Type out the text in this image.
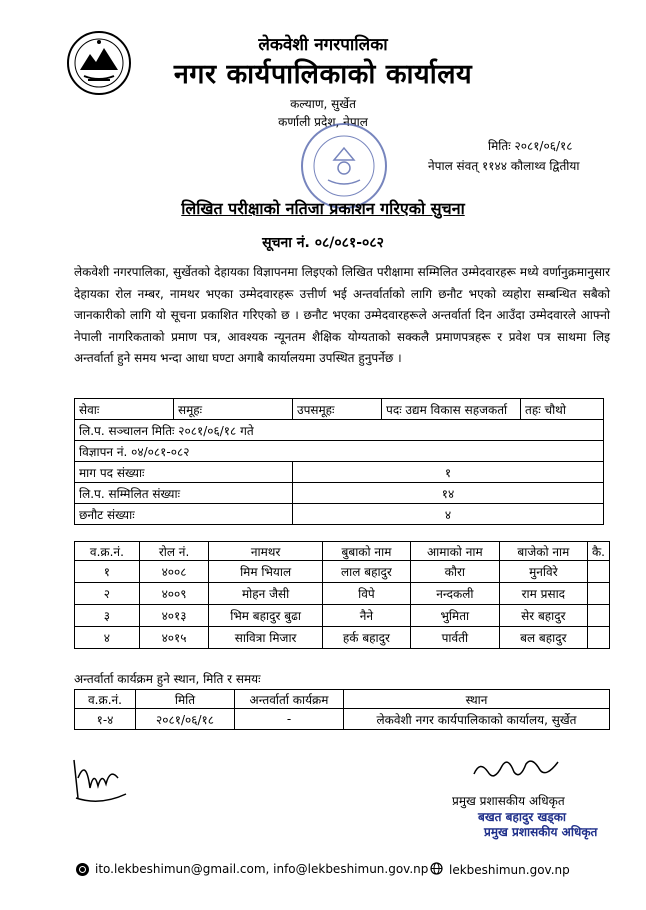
लेकवेशी नगरपालिका
नगर कार्यपालिकाको कार्यालय
कल्याण, सुर्खेत
कर्णाली प्रदेश, नेपाल
मितिः २०८१/०६/१८
नेपाल संवत् ११४४ कौलाथ्व द्वितीया
लिखित परीक्षाको नतिजा प्रकाशन गरिएको सुचना
सूचना नं. ०८/०८१-०८२
लेकवेशी नगरपालिका, सुर्खेतको देहायका विज्ञापनमा लिइएको लिखित परीक्षामा सम्मिलित उम्मेदवारहरू मध्ये वर्णानुक्रमानुसार देहायका रोल नम्बर, नामथर भएका उम्मेदवारहरू उत्तीर्ण भई अन्तर्वार्ताको लागि छनौट भएको व्यहोरा सम्बन्धित सबैको जानकारीको लागि यो सूचना प्रकाशित गरिएको छ । छनौट भएका उम्मेदवारहरूले अन्तर्वार्ता दिन आउँदा उम्मेदवारले आफ्नो नेपाली नागरिकताको प्रमाण पत्र, आवश्यक न्यूनतम शैक्षिक योग्यताको सक्कलै प्रमाणपत्रहरू र प्रवेश पत्र साथमा लिइ अन्तर्वार्ता हुने समय भन्दा आधा घण्टा अगाबै कार्यालयमा उपस्थित हुनुपर्नेछ ।
सेवाः	समूहः	उपसमूहः	पदः उद्यम विकास सहजकर्ता	तहः चौथो
लि.प. सञ्चालन मितिः २०८१/०६/१८ गते				
विज्ञापन नं. ०४/०८१-०८२				
माग पद संख्याः		१		
लि.प. सम्मिलित संख्याः		१४		
छनौट संख्याः		४		
व.क्र.नं.	रोल नं.	नामथर	बुबाको नाम	आमाको नाम	बाजेको नाम	कै.
१	४००८	मिम भियाल	लाल बहादुर	कौरा	मुनविरे	
२	४००९	मोहन जैसी	विपे	नन्दकली	राम प्रसाद	
३	४०१३	भिम बहादुर बुढा	नैने	भुमिता	सेर बहादुर	
४	४०१५	सावित्रा मिजार	हर्क बहादुर	पार्वती	बल बहादुर	
अन्तर्वार्ता कार्यक्रम हुने स्थान, मिति र समयः
व.क्र.नं.	मिति	अन्तर्वार्ता कार्यक्रम	स्थान
१-४	२०८१/०६/१८	-	लेकवेशी नगर कार्यपालिकाको कार्यालय, सुर्खेत
प्रमुख प्रशासकीय अधिकृत
बखत बहादुर खड्का
प्रमुख प्रशासकीय अधिकृत
ito.lekbeshimun@gmail.com, info@lekbeshimun.gov.np lekbeshimun.gov.np
